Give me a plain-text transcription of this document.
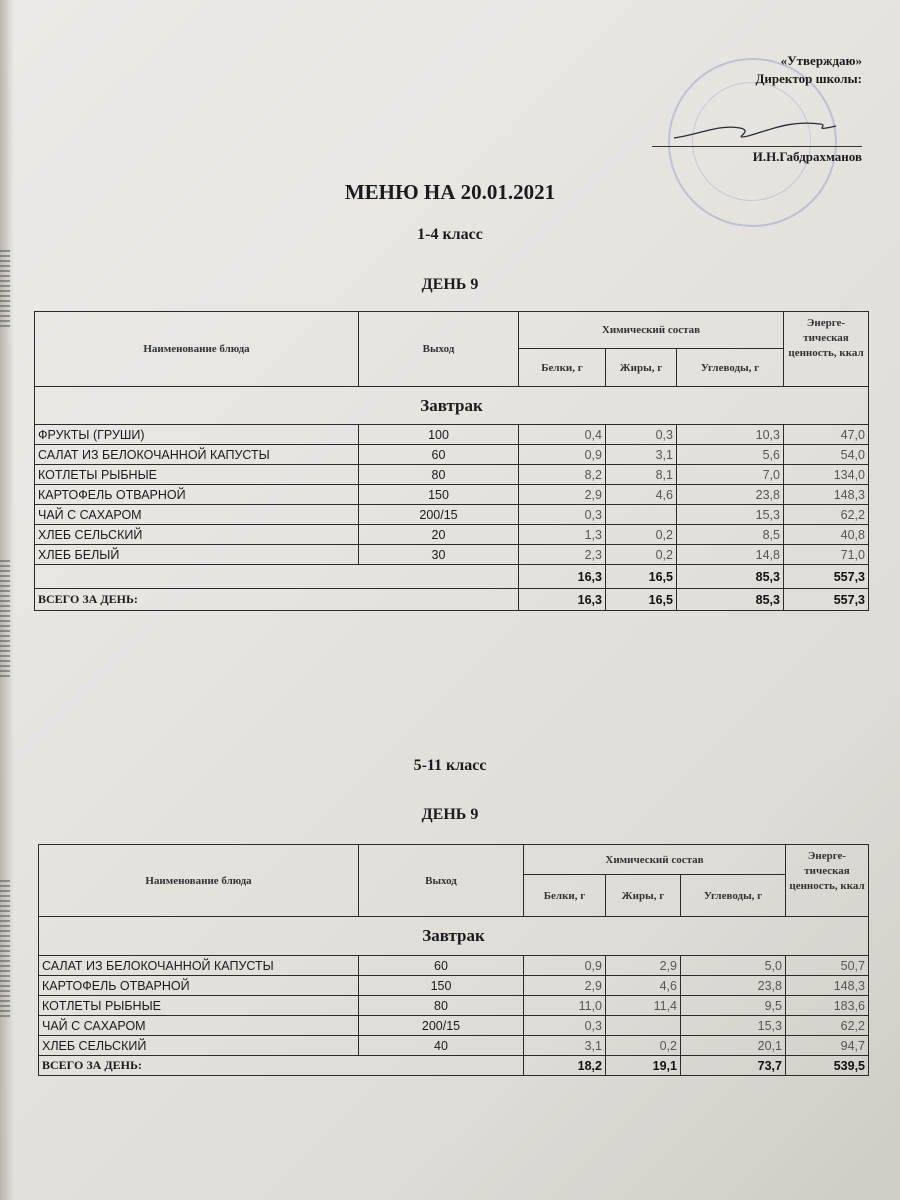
«Утверждаю»
Директор школы:
И.Н.Габдрахманов
МЕНЮ НА 20.01.2021
1-4 класс
ДЕНЬ 9
Наименование блюда	Выход	Химический состав			Энерге-тическая ценность, ккал
		Белки, г	Жиры, г	Углеводы, г	
Завтрак					
ФРУКТЫ (ГРУШИ)	100	0,4	0,3	10,3	47,0
САЛАТ ИЗ БЕЛОКОЧАННОЙ КАПУСТЫ	60	0,9	3,1	5,6	54,0
КОТЛЕТЫ РЫБНЫЕ	80	8,2	8,1	7,0	134,0
КАРТОФЕЛЬ ОТВАРНОЙ	150	2,9	4,6	23,8	148,3
ЧАЙ С САХАРОМ	200/15	0,3		15,3	62,2
ХЛЕБ СЕЛЬСКИЙ	20	1,3	0,2	8,5	40,8
ХЛЕБ БЕЛЫЙ	30	2,3	0,2	14,8	71,0
		16,3	16,5	85,3	557,3
ВСЕГО ЗА ДЕНЬ:		16,3	16,5	85,3	557,3
5-11 класс
ДЕНЬ 9
Наименование блюда	Выход	Химический состав			Энерге-тическая ценность, ккал
		Белки, г	Жиры, г	Углеводы, г	
Завтрак					
САЛАТ ИЗ БЕЛОКОЧАННОЙ КАПУСТЫ	60	0,9	2,9	5,0	50,7
КАРТОФЕЛЬ ОТВАРНОЙ	150	2,9	4,6	23,8	148,3
КОТЛЕТЫ РЫБНЫЕ	80	11,0	11,4	9,5	183,6
ЧАЙ С САХАРОМ	200/15	0,3		15,3	62,2
ХЛЕБ СЕЛЬСКИЙ	40	3,1	0,2	20,1	94,7
ВСЕГО ЗА ДЕНЬ:		18,2	19,1	73,7	539,5
